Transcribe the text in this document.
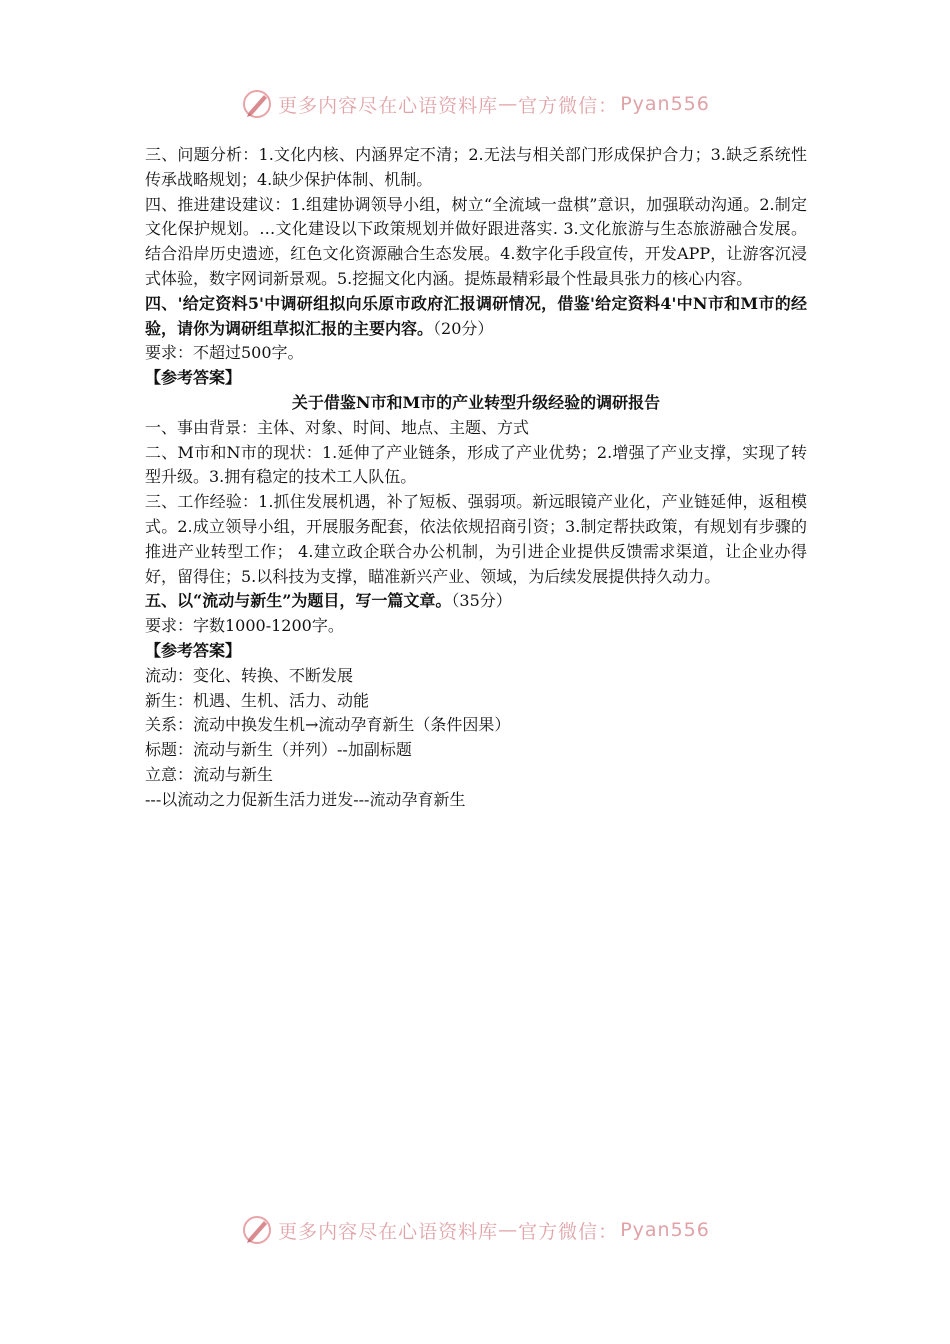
更多内容尽在心语资料库 — 官方微信： Pyan556

三、问题分析：1.文化内核、内涵界定不清；2.无法与相关部门形成保护合力；3.缺乏系统性传承战略规划；4.缺少保护体制、机制。

四、推进建设建议：1.组建协调领导小组，树立“全流域一盘棋”意识，加强联动沟通。2.制定文化保护规划。…文化建设以下政策规划并做好跟进落实. 3.文化旅游与生态旅游融合发展。结合沿岸历史遗迹，红色文化资源融合生态发展。4.数字化手段宣传，开发APP，让游客沉浸式体验，数字网词新景观。5.挖掘文化内涵。提炼最精彩最个性最具张力的核心内容。

四、'给定资料5'中调研组拟向乐原市政府汇报调研情况，借鉴'给定资料4'中N市和M市的经验，请你为调研组草拟汇报的主要内容。（20分）

要求：不超过500字。

【参考答案】

关于借鉴N市和M市的产业转型升级经验的调研报告

一、事由背景：主体、对象、时间、地点、主题、方式

二、M市和N市的现状：1.延伸了产业链条，形成了产业优势；2.增强了产业支撑，实现了转型升级。3.拥有稳定的技术工人队伍。

三、工作经验：1.抓住发展机遇，补了短板、强弱项。新远眼镜产业化，产业链延伸，返租模式。2.成立领导小组，开展服务配套，依法依规招商引资；3.制定帮扶政策，有规划有步骤的推进产业转型工作； 4.建立政企联合办公机制，为引进企业提供反馈需求渠道，让企业办得好，留得住；5.以科技为支撑，瞄准新兴产业、领域，为后续发展提供持久动力。

五、以“流动与新生”为题目，写一篇文章。（35分）

要求：字数1000-1200字。

【参考答案】

流动：变化、转换、不断发展

新生：机遇、生机、活力、动能

关系：流动中换发生机→流动孕育新生（条件因果）

标题：流动与新生（并列）--加副标题

立意：流动与新生

---以流动之力促新生活力迸发---流动孕育新生

更多内容尽在心语资料库 — 官方微信： Pyan556
